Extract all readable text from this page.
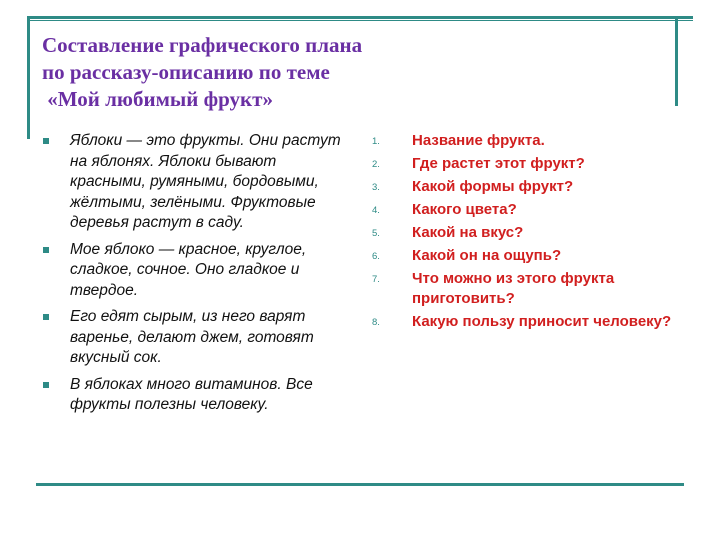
Составление графического плана
по рассказу-описанию по теме
«Мой любимый фрукт»
Яблоки — это фрукты. Они растут на яблонях. Яблоки бывают красными, румяными, бордовыми, жёлтыми, зелёными. Фруктовые деревья растут в саду.
Мое яблоко — красное, круглое, сладкое, сочное. Оно гладкое и твердое.
Его едят сырым, из него варят варенье, делают джем, готовят вкусный сок.
В яблоках много витаминов. Все фрукты полезны человеку.
1.	Название фрукта.
2.	Где растет этот фрукт?
3.	Какой формы фрукт?
4.	Какого цвета?
5.	Какой на вкус?
6.	Какой он на ощупь?
7.	Что можно из этого фрукта приготовить?
8.	Какую пользу приносит человеку?
